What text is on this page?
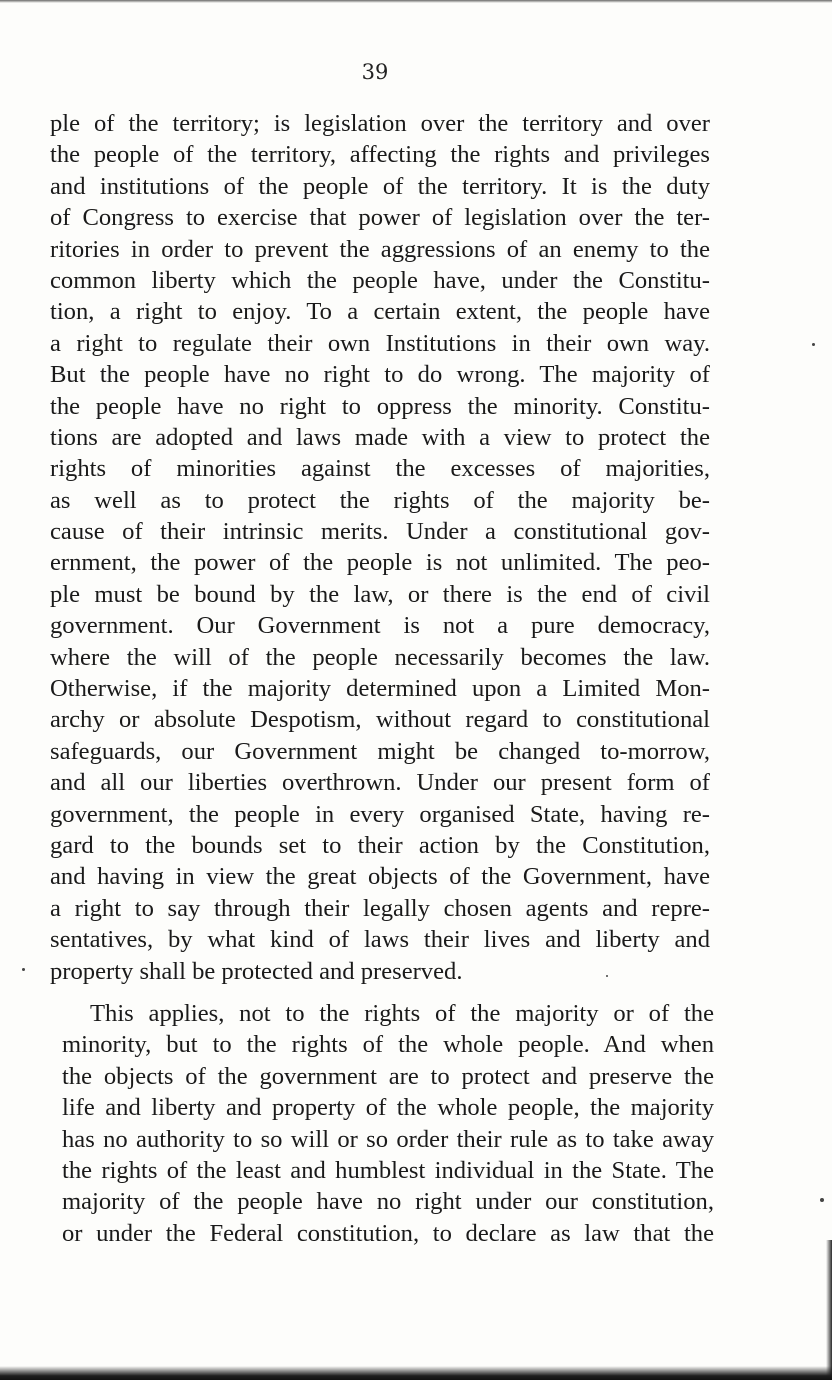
39

ple of the territory; is legislation over the territory and over
the people of the territory, affecting the rights and privileges
and institutions of the people of the territory. It is the duty
of Congress to exercise that power of legislation over the ter-
ritories in order to prevent the aggressions of an enemy to the
common liberty which the people have, under the Constitu-
tion, a right to enjoy. To a certain extent, the people have
a right to regulate their own Institutions in their own way.
But the people have no right to do wrong. The majority of
the people have no right to oppress the minority. Constitu-
tions are adopted and laws made with a view to protect the
rights of minorities against the excesses of majorities,
as well as to protect the rights of the majority be-
cause of their intrinsic merits. Under a constitutional gov-
ernment, the power of the people is not unlimited. The peo-
ple must be bound by the law, or there is the end of civil
government. Our Government is not a pure democracy,
where the will of the people necessarily becomes the law.
Otherwise, if the majority determined upon a Limited Mon-
archy or absolute Despotism, without regard to constitutional
safeguards, our Government might be changed to-morrow,
and all our liberties overthrown. Under our present form of
government, the people in every organised State, having re-
gard to the bounds set to their action by the Constitution,
and having in view the great objects of the Government, have
a right to say through their legally chosen agents and repre-
sentatives, by what kind of laws their lives and liberty and
property shall be protected and preserved.
This applies, not to the rights of the majority or of the
minority, but to the rights of the whole people. And when
the objects of the government are to protect and preserve the
life and liberty and property of the whole people, the majority
has no authority to so will or so order their rule as to take away
the rights of the least and humblest individual in the State. The
majority of the people have no right under our constitution,
or under the Federal constitution, to declare as law that the
